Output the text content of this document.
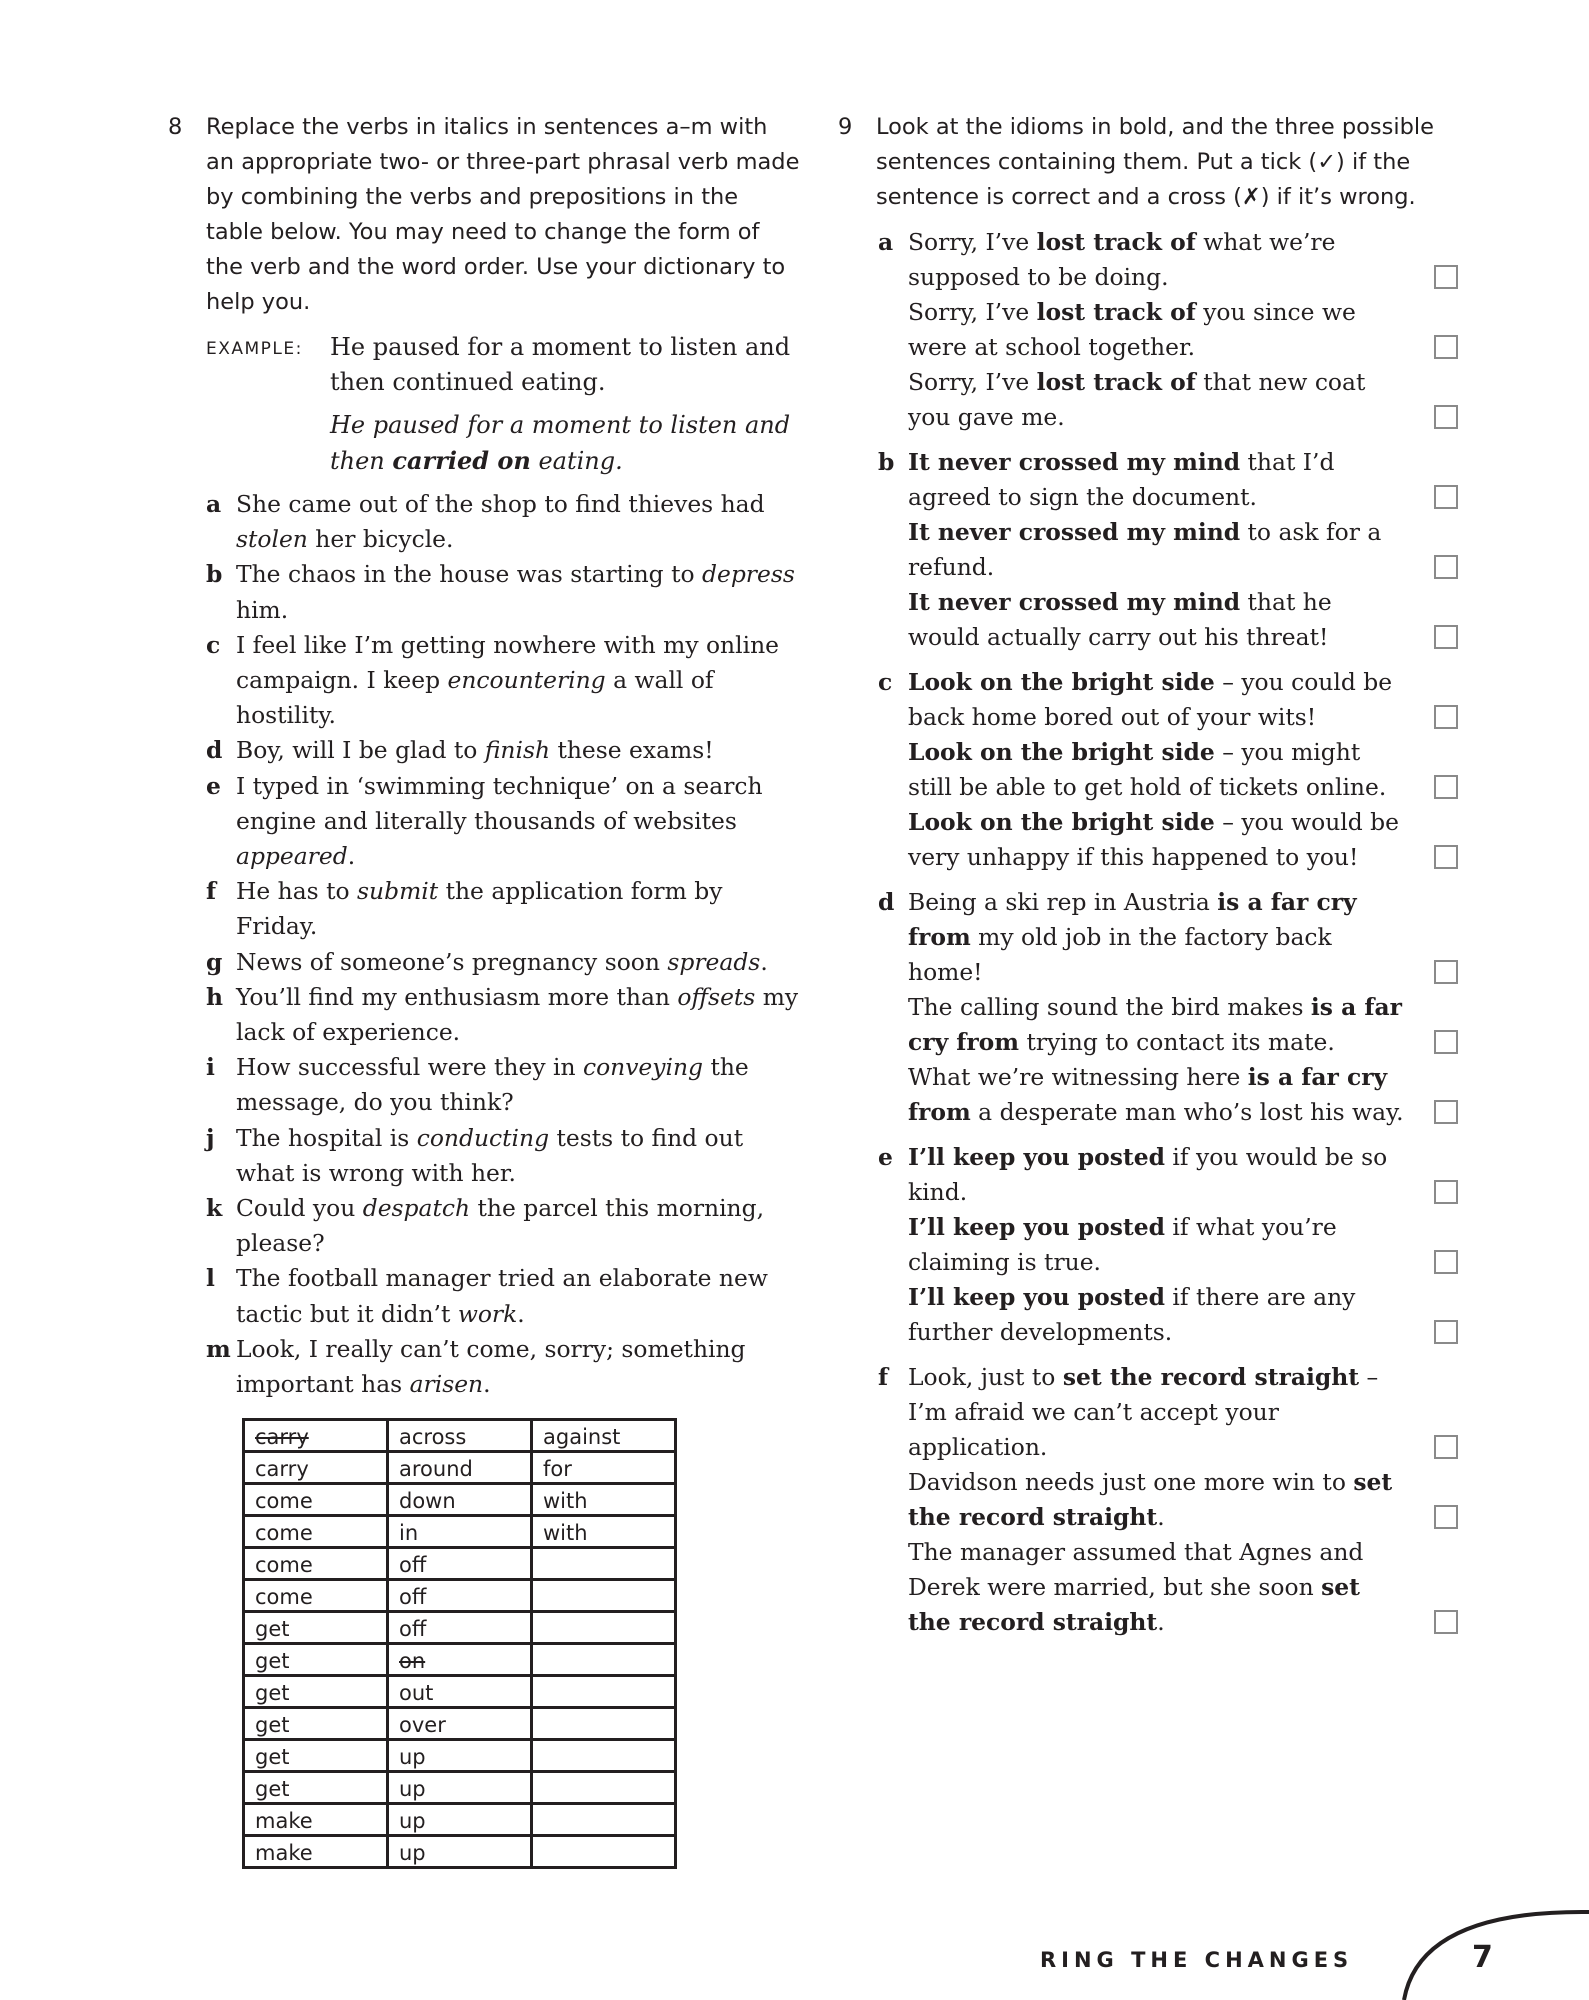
8	Replace the verbs in italics in sentences a–m with an appropriate two- or three-part phrasal verb made by combining the verbs and prepositions in the table below. You may need to change the form of the verb and the word order. Use your dictionary to help you.
EXAMPLE:	He paused for a moment to listen and then continued eating.

He paused for a moment to listen and then carried on eating.

a She came out of the shop to find thieves had stolen her bicycle.
b The chaos in the house was starting to depress him.
c I feel like I’m getting nowhere with my online campaign. I keep encountering a wall of hostility.
d Boy, will I be glad to finish these exams!
e I typed in ‘swimming technique’ on a search engine and literally thousands of websites appeared.
f He has to submit the application form by Friday.
g News of someone’s pregnancy soon spreads.
h You’ll find my enthusiasm more than offsets my lack of experience.
i How successful were they in conveying the message, do you think?
j The hospital is conducting tests to find out what is wrong with her.
k Could you despatch the parcel this morning, please?
l The football manager tried an elaborate new tactic but it didn’t work.
m Look, I really can’t come, sorry; something important has arisen.
carry	across	against
carry	around	for
come	down	with
come	in	with
come	off	
come	off	
get	off	
get	on	
get	out	
get	over	
get	up	
get	up	
make	up	
make	up	
9	Look at the idioms in bold, and the three possible sentences containing them. Put a tick (✓) if the sentence is correct and a cross (✗) if it’s wrong.
a Sorry, I’ve lost track of what we’re supposed to be doing.
Sorry, I’ve lost track of you since we were at school together.
Sorry, I’ve lost track of that new coat you gave me.
b It never crossed my mind that I’d agreed to sign the document.
It never crossed my mind to ask for a refund.
It never crossed my mind that he would actually carry out his threat!
c Look on the bright side – you could be back home bored out of your wits!
Look on the bright side – you might still be able to get hold of tickets online.
Look on the bright side – you would be very unhappy if this happened to you!
d Being a ski rep in Austria is a far cry from my old job in the factory back home!
The calling sound the bird makes is a far cry from trying to contact its mate.
What we’re witnessing here is a far cry from a desperate man who’s lost his way.
e I’ll keep you posted if you would be so kind.
I’ll keep you posted if what you’re claiming is true.
I’ll keep you posted if there are any further developments.
f Look, just to set the record straight – I’m afraid we can’t accept your application.
Davidson needs just one more win to set the record straight.
The manager assumed that Agnes and Derek were married, but she soon set the record straight.
RING THE CHANGES	7
